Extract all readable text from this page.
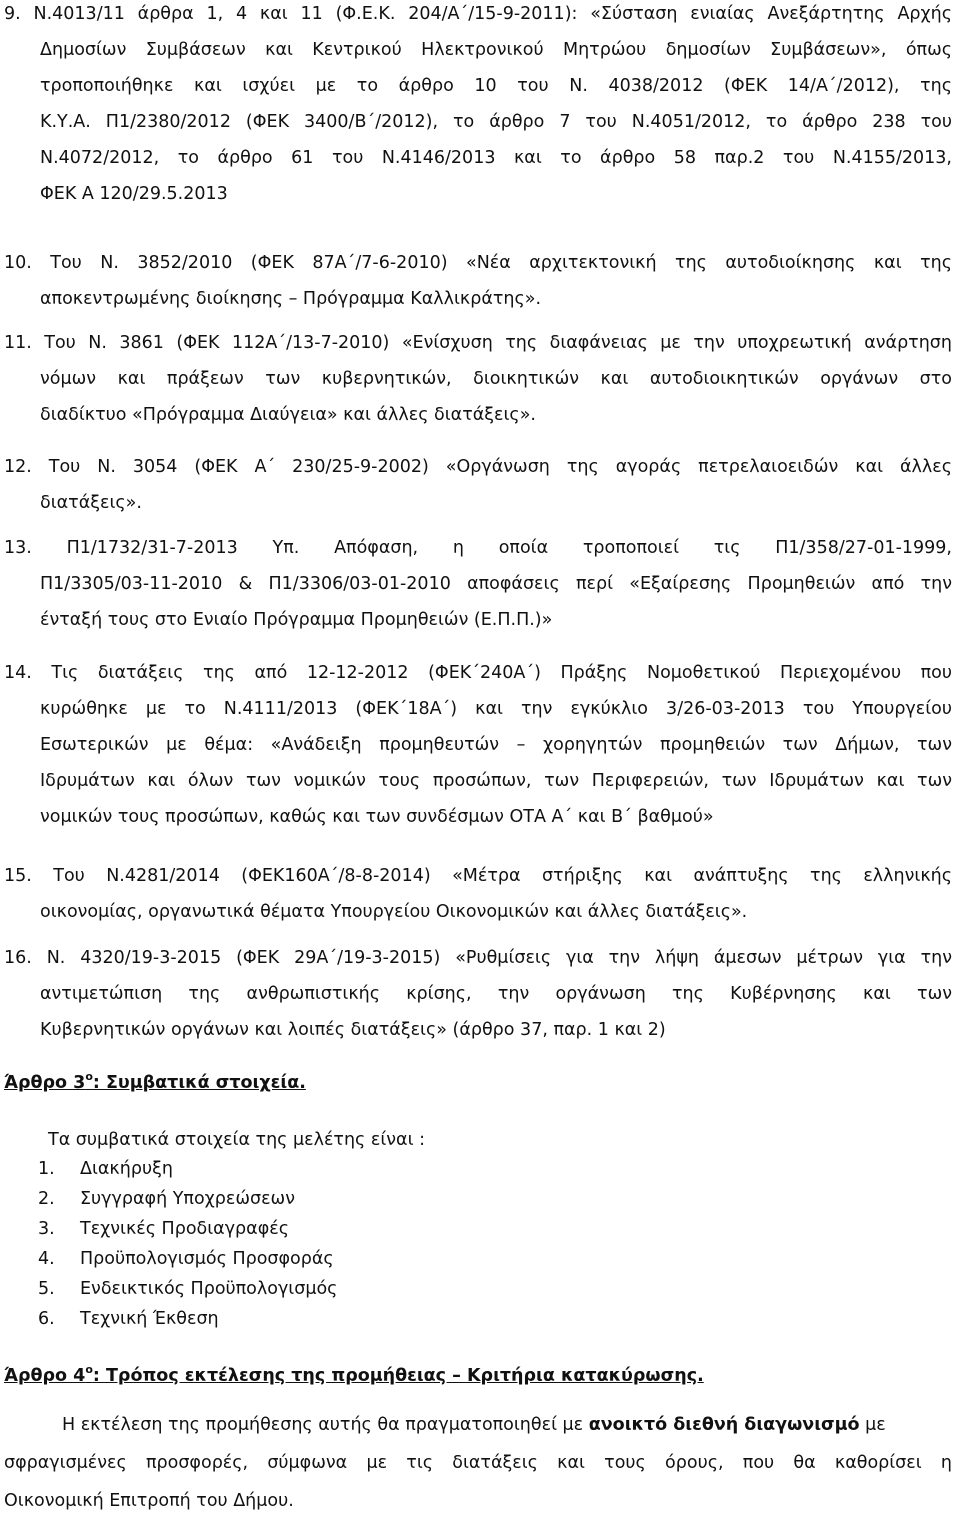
9. Ν.4013/11 άρθρα 1, 4 και 11 (Φ.Ε.Κ. 204/Α΄/15-9-2011): «Σύσταση ενιαίας Ανεξάρτητης Αρχής
Δημοσίων Συμβάσεων και Κεντρικού Ηλεκτρονικού Μητρώου δημοσίων Συμβάσεων», όπως
τροποποιήθηκε και ισχύει με το άρθρο 10 του Ν. 4038/2012 (ΦΕΚ 14/Α΄/2012), της
Κ.Υ.Α. Π1/2380/2012 (ΦΕΚ 3400/Β΄/2012), το άρθρο 7 του Ν.4051/2012, το άρθρο 238 του
Ν.4072/2012, το άρθρο 61 του Ν.4146/2013 και το άρθρο 58 παρ.2 του Ν.4155/2013,
ΦΕΚ Α 120/29.5.2013
10. Του Ν. 3852/2010 (ΦΕΚ 87Α΄/7-6-2010) «Νέα αρχιτεκτονική της αυτοδιοίκησης και της
αποκεντρωμένης διοίκησης – Πρόγραμμα Καλλικράτης».
11. Του Ν. 3861 (ΦΕΚ 112Α΄/13-7-2010) «Ενίσχυση της διαφάνειας με την υποχρεωτική ανάρτηση
νόμων και πράξεων των κυβερνητικών, διοικητικών και αυτοδιοικητικών οργάνων στο
διαδίκτυο «Πρόγραμμα Διαύγεια» και άλλες διατάξεις».
12. Του Ν. 3054 (ΦΕΚ Α΄ 230/25-9-2002) «Οργάνωση της αγοράς πετρελαιοειδών και άλλες
διατάξεις».
13. Π1/1732/31-7-2013 Υπ. Απόφαση, η οποία τροποποιεί τις Π1/358/27-01-1999,
Π1/3305/03-11-2010 & Π1/3306/03-01-2010 αποφάσεις περί «Εξαίρεσης Προμηθειών από την
ένταξή τους στο Ενιαίο Πρόγραμμα Προμηθειών (Ε.Π.Π.)»
14. Τις διατάξεις της από 12-12-2012 (ΦΕΚ΄240Α΄) Πράξης Νομοθετικού Περιεχομένου που
κυρώθηκε με το Ν.4111/2013 (ΦΕΚ΄18Α΄) και την εγκύκλιο 3/26-03-2013 του Υπουργείου
Εσωτερικών με θέμα: «Ανάδειξη προμηθευτών – χορηγητών προμηθειών των Δήμων, των
Ιδρυμάτων και όλων των νομικών τους προσώπων, των Περιφερειών, των Ιδρυμάτων και των
νομικών τους προσώπων, καθώς και των συνδέσμων ΟΤΑ Α΄ και Β΄ βαθμού»
15. Του Ν.4281/2014 (ΦΕΚ160Α΄/8-8-2014) «Μέτρα στήριξης και ανάπτυξης της ελληνικής
οικονομίας, οργανωτικά θέματα Υπουργείου Οικονομικών και άλλες διατάξεις».
16. Ν. 4320/19-3-2015 (ΦΕΚ 29Α΄/19-3-2015) «Ρυθμίσεις για την λήψη άμεσων μέτρων για την
αντιμετώπιση της ανθρωπιστικής κρίσης, την οργάνωση της Κυβέρνησης και των
Κυβερνητικών οργάνων και λοιπές διατάξεις» (άρθρο 37, παρ. 1 και 2)
Άρθρο $3^o$: Συμβατικά στοιχεία.
Τα συμβατικά στοιχεία της μελέτης είναι :
1. Διακήρυξη
2. Συγγραφή Υποχρεώσεων
3. Τεχνικές Προδιαγραφές
4. Προϋπολογισμός Προσφοράς
5. Ενδεικτικός Προϋπολογισμός
6. Τεχνική Έκθεση
Άρθρο $4^o$: Τρόπος εκτέλεσης της προμήθειας – Κριτήρια κατακύρωσης.
Η εκτέλεση της προμήθεσης αυτής θα πραγματοποιηθεί με ανοικτό διεθνή διαγωνισμό με
σφραγισμένες προσφορές, σύμφωνα με τις διατάξεις και τους όρους, που θα καθορίσει η
Οικονομική Επιτροπή του Δήμου.
